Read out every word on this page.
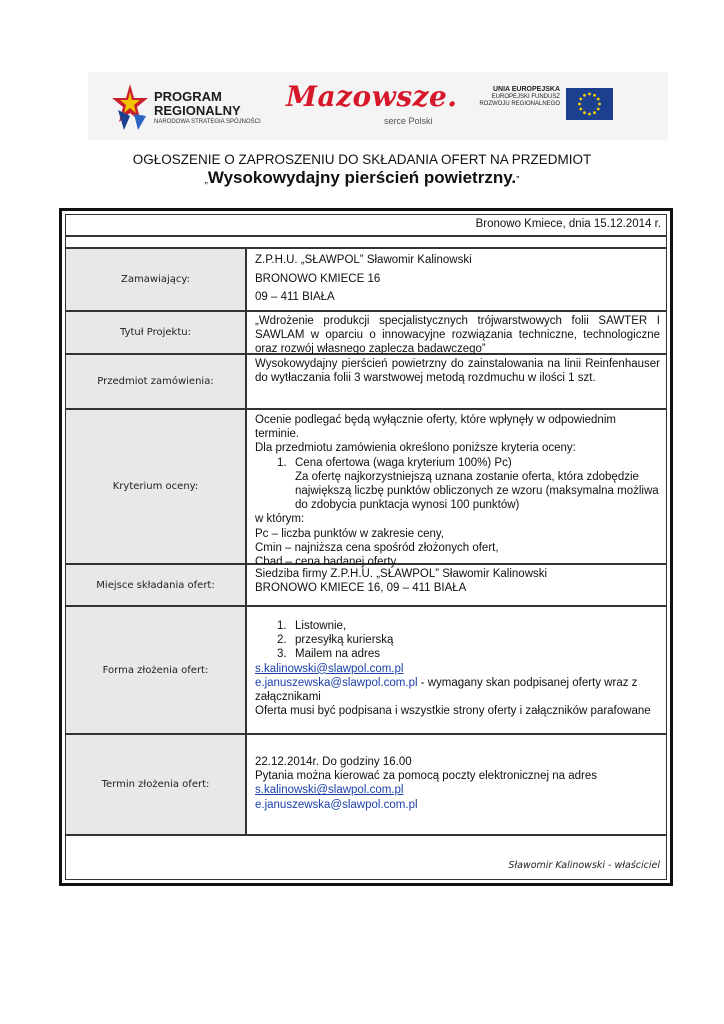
PROGRAM
REGIONALNY
NARODOWA STRATEGIA SPÓJNOŚCI
Mazowsze.
serce Polski
UNIA EUROPEJSKA
EUROPEJSKI FUNDUSZ
ROZWOJU REGIONALNEGO
OGŁOSZENIE O ZAPROSZENIU DO SKŁADANIA OFERT NA PRZEDMIOT
„Wysokowydajny pierścień powietrzny.”
Bronowo Kmiece, dnia 15.12.2014 r.
Zamawiający:
Z.P.H.U. „SŁAWPOL” Sławomir Kalinowski
BRONOWO KMIECE 16
09 – 411 BIAŁA
Tytuł Projektu:
„Wdrożenie produkcji specjalistycznych trójwarstwowych folii SAWTER I SAWLAM w oparciu o innowacyjne rozwiązania techniczne, technologiczne oraz rozwój własnego zaplecza badawczego”
Przedmiot zamówienia:
Wysokowydajny pierścień powietrzny do zainstalowania na linii Reinfenhauser do wytłaczania folii 3 warstwowej metodą rozdmuchu w ilości 1 szt.
Kryterium oceny:
Ocenie podlegać będą wyłącznie oferty, które wpłynęły w odpowiednim terminie.
Dla przedmiotu zamówienia określono poniższe kryteria oceny:
1. Cena ofertowa (waga kryterium 100%) Pc)
Za ofertę najkorzystniejszą uznana zostanie oferta, która zdobędzie największą liczbę punktów obliczonych ze wzoru (maksymalna możliwa do zdobycia punktacja wynosi 100 punktów)
w którym:
Pc – liczba punktów w zakresie ceny,
Cmin – najniższa cena spośród złożonych ofert,
Cbad – cena badanej oferty
Miejsce składania ofert:
Siedziba firmy Z.P.H.U. „SŁAWPOL” Sławomir Kalinowski
BRONOWO KMIECE 16, 09 – 411 BIAŁA
Forma złożenia ofert:
1. Listownie,
2. przesyłką kurierską
3. Mailem na adres
s.kalinowski@slawpol.com.pl
e.januszewska@slawpol.com.pl - wymagany skan podpisanej oferty wraz z załącznikami
Oferta musi być podpisana i wszystkie strony oferty i załączników parafowane
Termin złożenia ofert:
22.12.2014r. Do godziny 16.00
Pytania można kierować za pomocą poczty elektronicznej na adres
s.kalinowski@slawpol.com.pl
e.januszewska@slawpol.com.pl
Sławomir Kalinowski - właściciel
